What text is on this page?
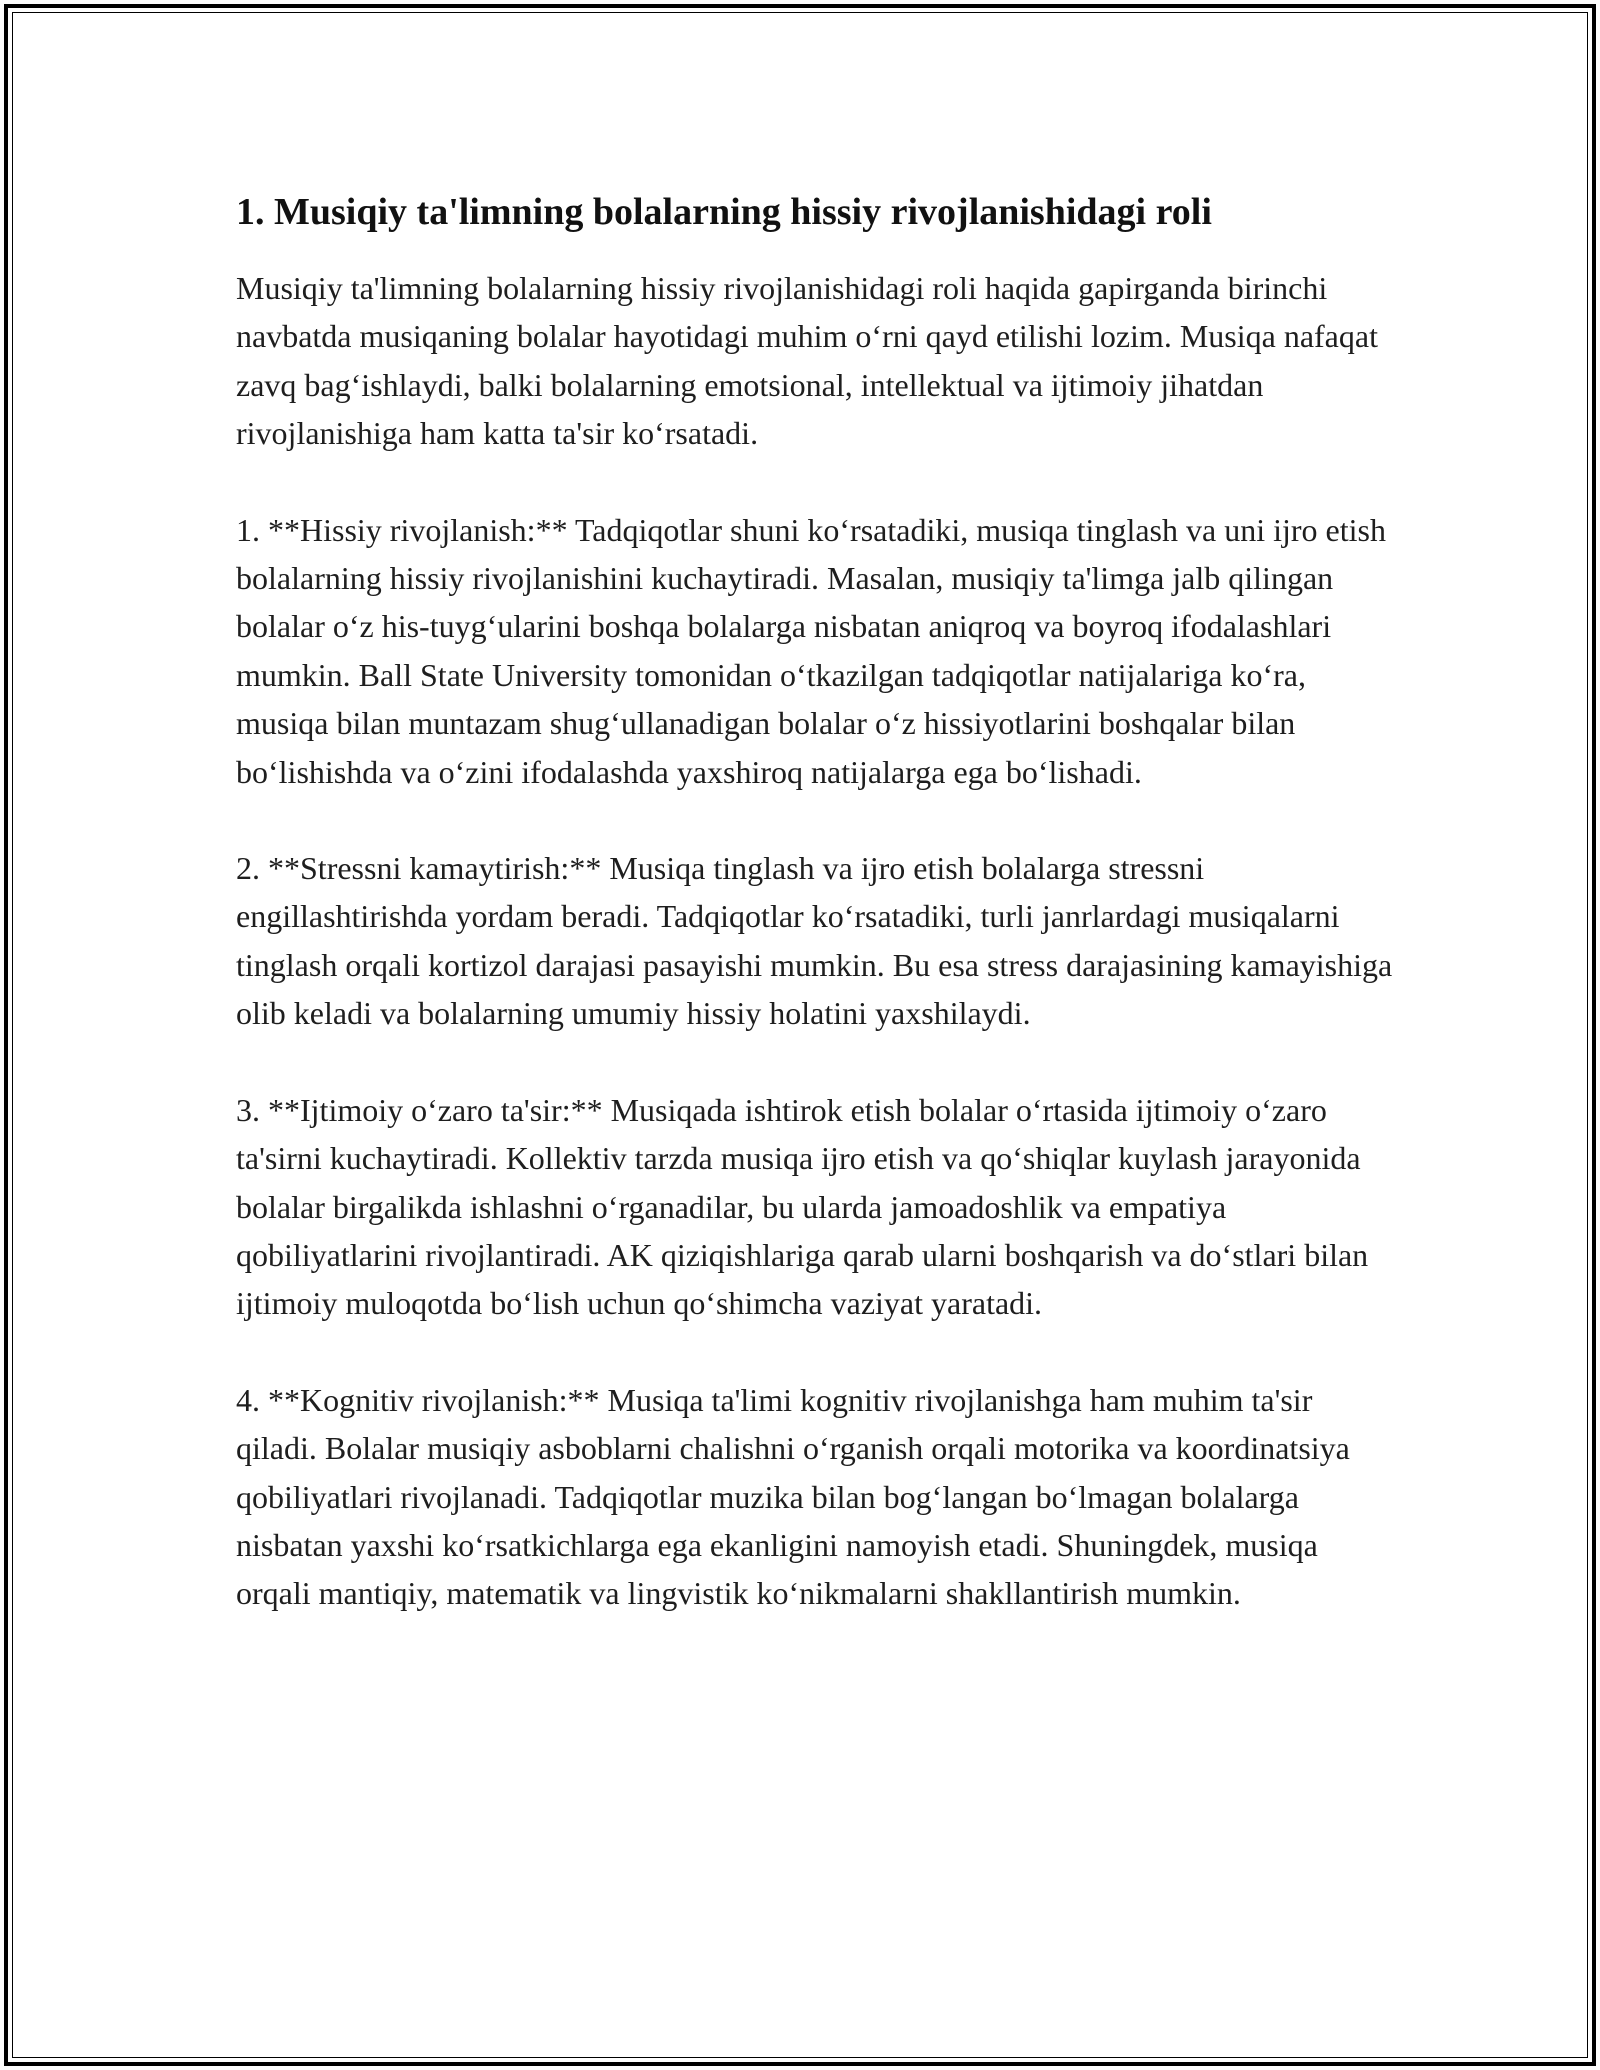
1. Musiqiy ta'limning bolalarning hissiy rivojlanishidagi roli

Musiqiy ta'limning bolalarning hissiy rivojlanishidagi roli haqida gapirganda birinchi navbatda musiqaning bolalar hayotidagi muhim oʻrni qayd etilishi lozim. Musiqa nafaqat zavq bagʻishlaydi, balki bolalarning emotsional, intellektual va ijtimoiy jihatdan rivojlanishiga ham katta ta'sir koʻrsatadi.

1. **Hissiy rivojlanish:** Tadqiqotlar shuni koʻrsatadiki, musiqa tinglash va uni ijro etish bolalarning hissiy rivojlanishini kuchaytiradi. Masalan, musiqiy ta'limga jalb qilingan bolalar oʻz his-tuygʻularini boshqa bolalarga nisbatan aniqroq va boyroq ifodalashlari mumkin. Ball State University tomonidan oʻtkazilgan tadqiqotlar natijalariga koʻra, musiqa bilan muntazam shugʻullanadigan bolalar oʻz hissiyotlarini boshqalar bilan boʻlishishda va oʻzini ifodalashda yaxshiroq natijalarga ega boʻlishadi.

2. **Stressni kamaytirish:** Musiqa tinglash va ijro etish bolalarga stressni engillashtirishda yordam beradi. Tadqiqotlar koʻrsatadiki, turli janrlardagi musiqalarni tinglash orqali kortizol darajasi pasayishi mumkin. Bu esa stress darajasining kamayishiga olib keladi va bolalarning umumiy hissiy holatini yaxshilaydi.

3. **Ijtimoiy oʻzaro ta'sir:** Musiqada ishtirok etish bolalar oʻrtasida ijtimoiy oʻzaro ta'sirni kuchaytiradi. Kollektiv tarzda musiqa ijro etish va qoʻshiqlar kuylash jarayonida bolalar birgalikda ishlashni oʻrganadilar, bu ularda jamoadoshlik va empatiya qobiliyatlarini rivojlantiradi. AK qiziqishlariga qarab ularni boshqarish va doʻstlari bilan ijtimoiy muloqotda boʻlish uchun qoʻshimcha vaziyat yaratadi.

4. **Kognitiv rivojlanish:** Musiqa ta'limi kognitiv rivojlanishga ham muhim ta'sir qiladi. Bolalar musiqiy asboblarni chalishni oʻrganish orqali motorika va koordinatsiya qobiliyatlari rivojlanadi. Tadqiqotlar muzika bilan bogʻlangan boʻlmagan bolalarga nisbatan yaxshi koʻrsatkichlarga ega ekanligini namoyish etadi. Shuningdek, musiqa orqali mantiqiy, matematik va lingvistik koʻnikmalarni shakllantirish mumkin.
